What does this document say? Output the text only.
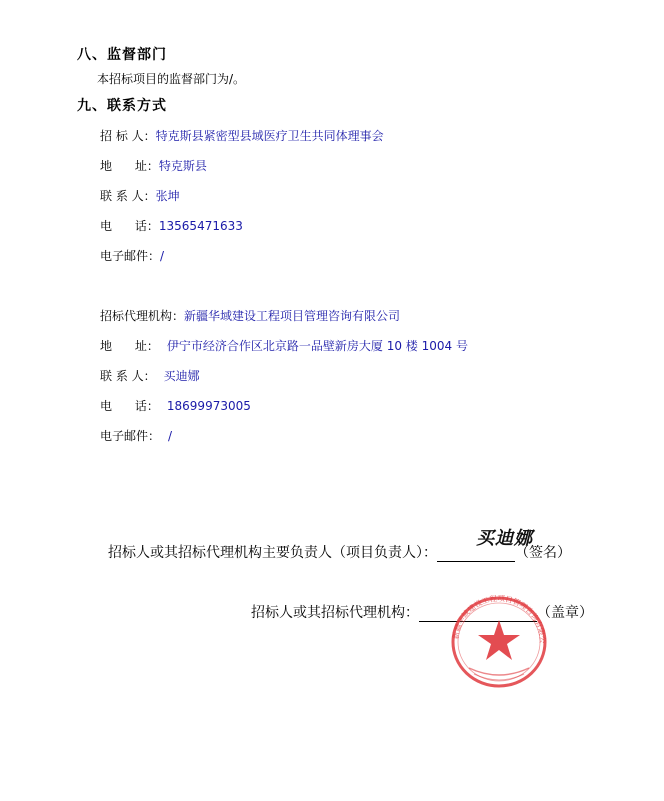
八、监督部门
本招标项目的监督部门为/。
九、联系方式
招 标 人：特克斯县紧密型县域医疗卫生共同体理事会
地      址：特克斯县
联 系 人：张坤
电      话：13565471633
电子邮件：/
招标代理机构：新疆华域建设工程项目管理咨询有限公司
地      址： 伊宁市经济合作区北京路一品壁新房大厦 10 楼 1004 号
联 系 人： 买迪娜
电      话： 18699973005
电子邮件： /
买迪娜
招标人或其招标代理机构主要负责人（项目负责人）：	（签名）
招标人或其招标代理机构：	（盖章）
新疆华域建设工程项目管理咨询有限公
